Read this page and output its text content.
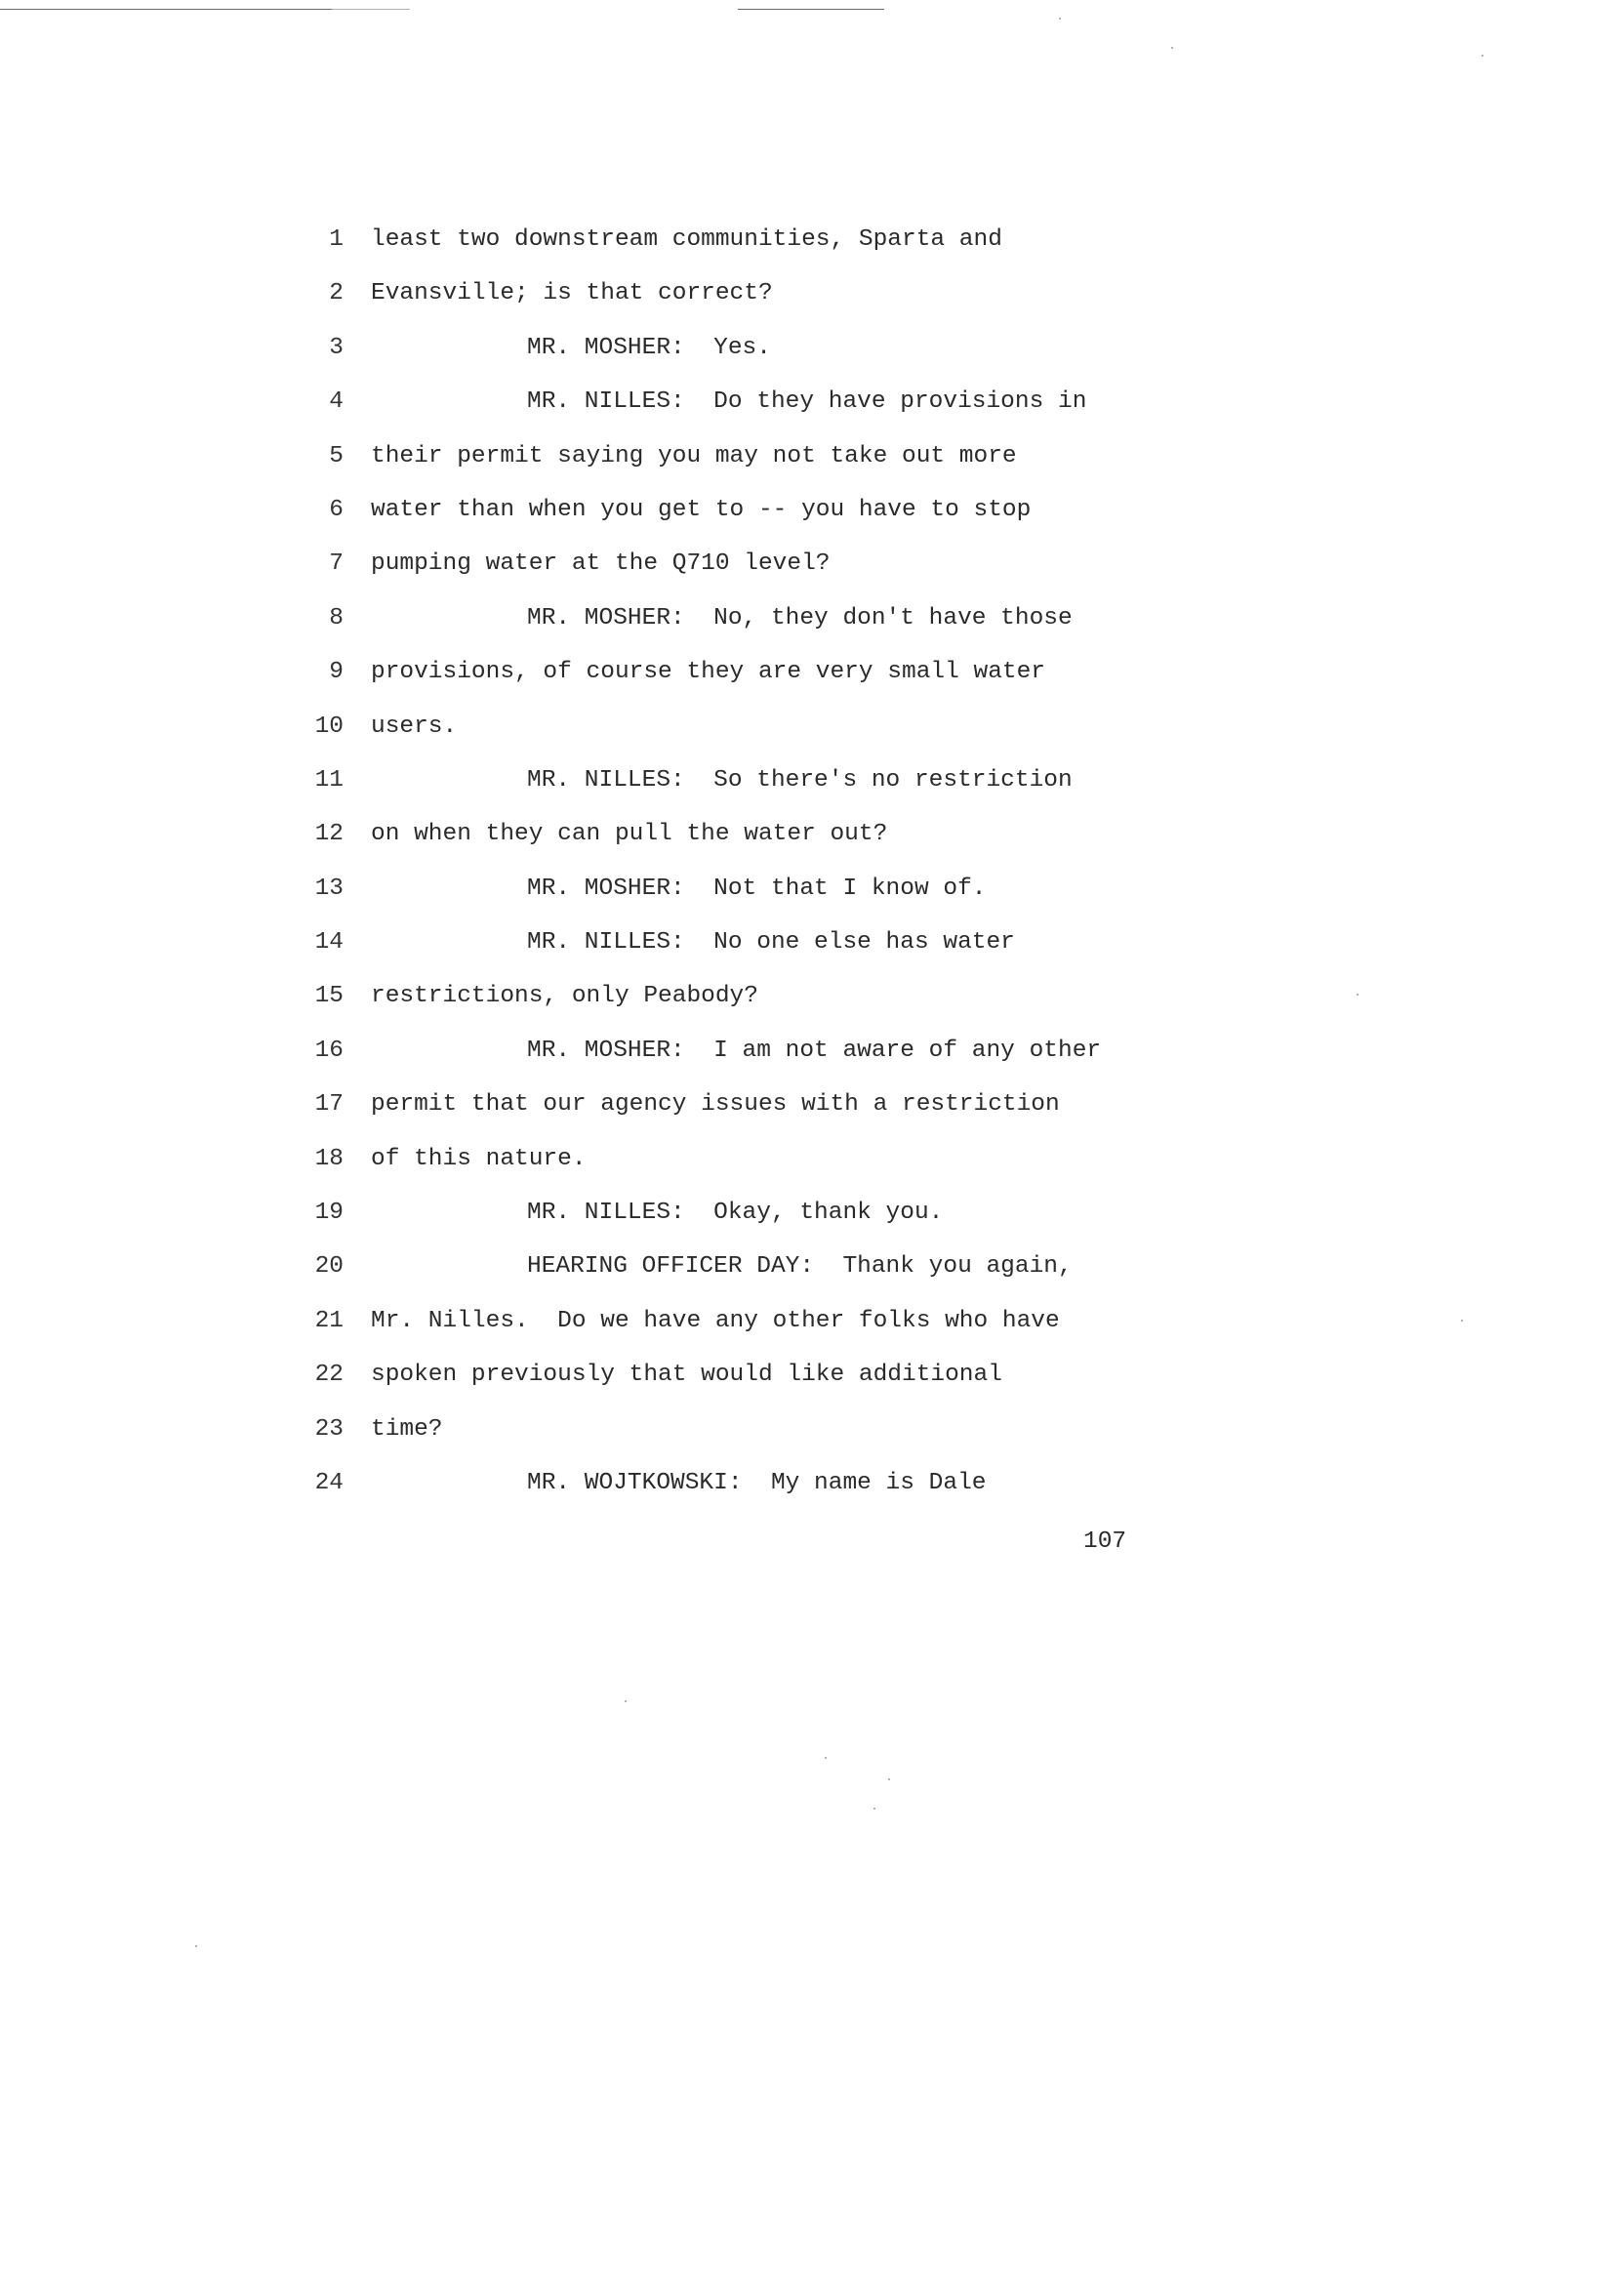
1 least two downstream communities, Sparta and
2 Evansville; is that correct?
3	MR. MOSHER:  Yes.
4	MR. NILLES:  Do they have provisions in
5 their permit saying you may not take out more
6 water than when you get to -- you have to stop
7 pumping water at the Q710 level?
8	MR. MOSHER:  No, they don't have those
9 provisions, of course they are very small water
10 users.
11	MR. NILLES:  So there's no restriction
12 on when they can pull the water out?
13	MR. MOSHER:  Not that I know of.
14	MR. NILLES:  No one else has water
15 restrictions, only Peabody?
16	MR. MOSHER:  I am not aware of any other
17 permit that our agency issues with a restriction
18 of this nature.
19	MR. NILLES:  Okay, thank you.
20	HEARING OFFICER DAY:  Thank you again,
21 Mr. Nilles.  Do we have any other folks who have
22 spoken previously that would like additional
23 time?
24	MR. WOJTKOWSKI:  My name is Dale
107
